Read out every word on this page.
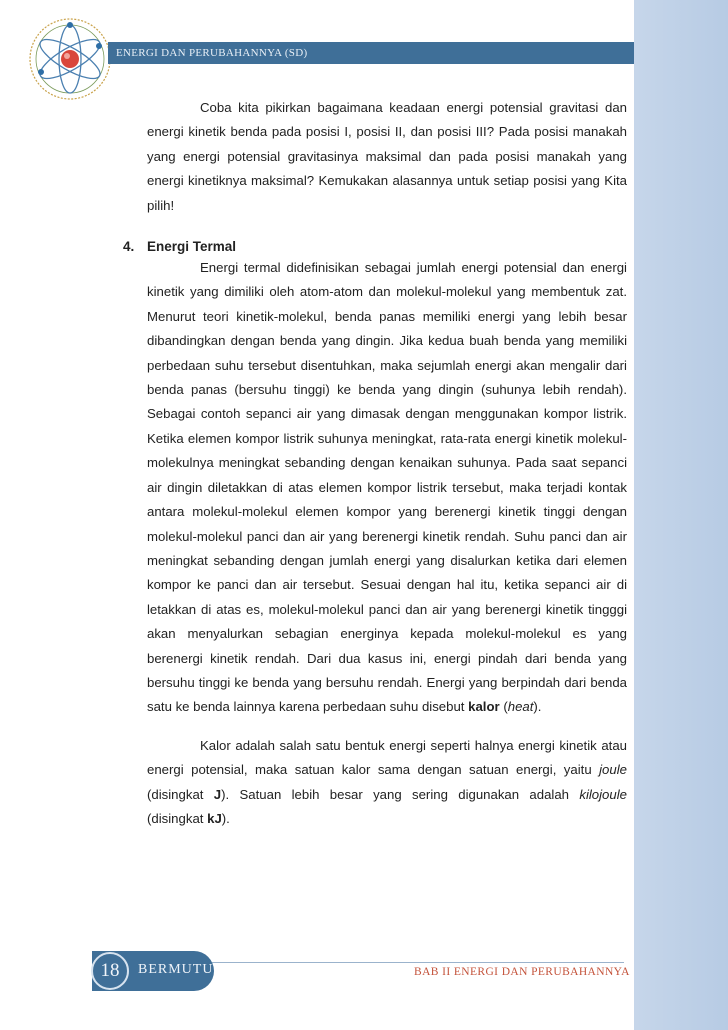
ENERGI DAN PERUBAHANNYA (SD)

Coba kita pikirkan bagaimana keadaan energi potensial gravitasi dan energi kinetik benda pada posisi I, posisi II, dan posisi III? Pada posisi manakah yang energi potensial gravitasinya maksimal dan pada posisi manakah yang energi kinetiknya maksimal? Kemukakan alasannya untuk setiap posisi yang Kita pilih!

4. Energi Termal

Energi termal didefinisikan sebagai jumlah energi potensial dan energi kinetik yang dimiliki oleh atom-atom dan molekul-molekul yang membentuk zat. Menurut teori kinetik-molekul, benda panas memiliki energi yang lebih besar dibandingkan dengan benda yang dingin. Jika kedua buah benda yang memiliki perbedaan suhu tersebut disentuhkan, maka sejumlah energi akan mengalir dari benda panas (bersuhu tinggi) ke benda yang dingin (suhunya lebih rendah). Sebagai contoh sepanci air yang dimasak dengan menggunakan kompor listrik. Ketika elemen kompor listrik suhunya meningkat, rata-rata energi kinetik molekul-molekulnya meningkat sebanding dengan kenaikan suhunya. Pada saat sepanci air dingin diletakkan di atas elemen kompor listrik tersebut, maka terjadi kontak antara molekul-molekul elemen kompor yang berenergi kinetik tinggi dengan molekul-molekul panci dan air yang berenergi kinetik rendah. Suhu panci dan air meningkat sebanding dengan jumlah energi yang disalurkan ketika dari elemen kompor ke panci dan air tersebut. Sesuai dengan hal itu, ketika sepanci air di letakkan di atas es, molekul-molekul panci dan air yang berenergi kinetik tingggi akan menyalurkan sebagian energinya kepada molekul-molekul es yang berenergi kinetik rendah. Dari dua kasus ini, energi pindah dari benda yang bersuhu tinggi ke benda yang bersuhu rendah. Energi yang berpindah dari benda satu ke benda lainnya karena perbedaan suhu disebut kalor (heat).

Kalor adalah salah satu bentuk energi seperti halnya energi kinetik atau energi potensial, maka satuan kalor sama dengan satuan energi, yaitu joule (disingkat J). Satuan lebih besar yang sering digunakan adalah kilojoule (disingkat kJ).

18	BERMUTU	BAB II ENERGI DAN PERUBAHANNYA
